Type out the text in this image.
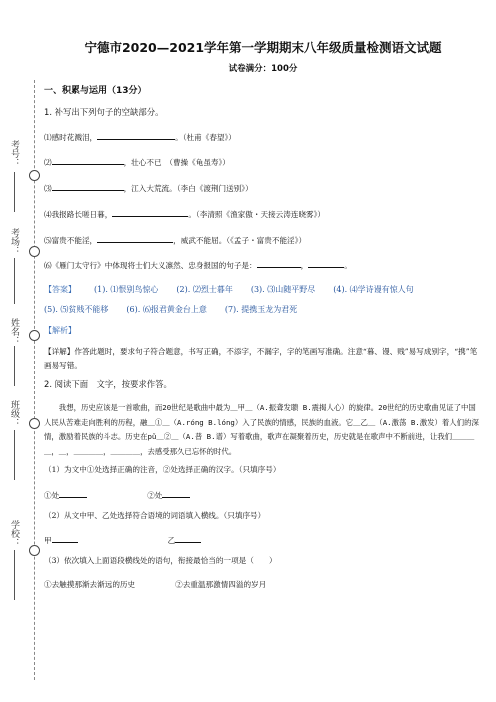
考号：
考场：
姓名：
班级：
学校：
宁德市2020—2021学年第一学期期末八年级质量检测语文试题
试卷满分：100分
一、积累与运用（13分）
1. 补写出下列句子的空缺部分。
⑴感时花溅泪，	。（杜甫《春望》）
⑵	，壮心不已　（曹操《龟虽寿》）
⑶	，江入大荒流。（李白《渡荆门送别》）
⑷我报路长嗟日暮，	。（李清照《渔家傲・天接云涛连晓雾》）
⑸富贵不能淫，	，威武不能屈。（《孟子・富贵不能淫》）
⑹《雁门太守行》中体现将士们大义凛然、忠身报国的句子是：	，	。
【答案】 (1). ⑴恨别鸟惊心 (2). ⑵烈士暮年 (3). ⑶山随平野尽 (4). ⑷学诗谩有惊人句
(5). ⑸贫贱不能移 (6). ⑹报君黄金台上意 (7). 提携玉龙为君死
【解析】
【详解】作答此题时，要求句子符合题意，书写正确，不添字，不漏字，字的笔画写准确。注意“暮、谩、贱”易写成别字，“携”笔画易写错。
2. 阅读下面　文字，按要求作答。
我想，历史应该是一首歌曲，而20世纪是歌曲中最为＿甲＿（A.振聋发聩 B.震揭人心）的旋律。20世纪的历史歌曲见证了中国人民从苦难走向胜利的历程，融＿①＿（A.róng B.lóng）入了民族的情感，民族的血液。它＿乙＿（A.激荡 B.激发）着人们的深情，激励着民族的斗志。历史在pǔ＿②＿（A.普 B.谱）写着歌曲，歌声在凝聚着历史，历史就是在歌声中不断前进，让我们＿＿＿＿，＿，＿＿＿＿，＿＿＿＿，去感受那久已忘怀的时代。
（1）为文中①处选择正确的注音，②处选择正确的汉字。（只填序号）
①处	②处
（2）从文中甲、乙处选择符合语境的词语填入横线。（只填序号）
甲	乙
（3）依次填入上面语段横线处的语句，衔接最恰当的一项是（　　）
①去触摸那渐去渐远的历史	②去重温那激情四溢的岁月
